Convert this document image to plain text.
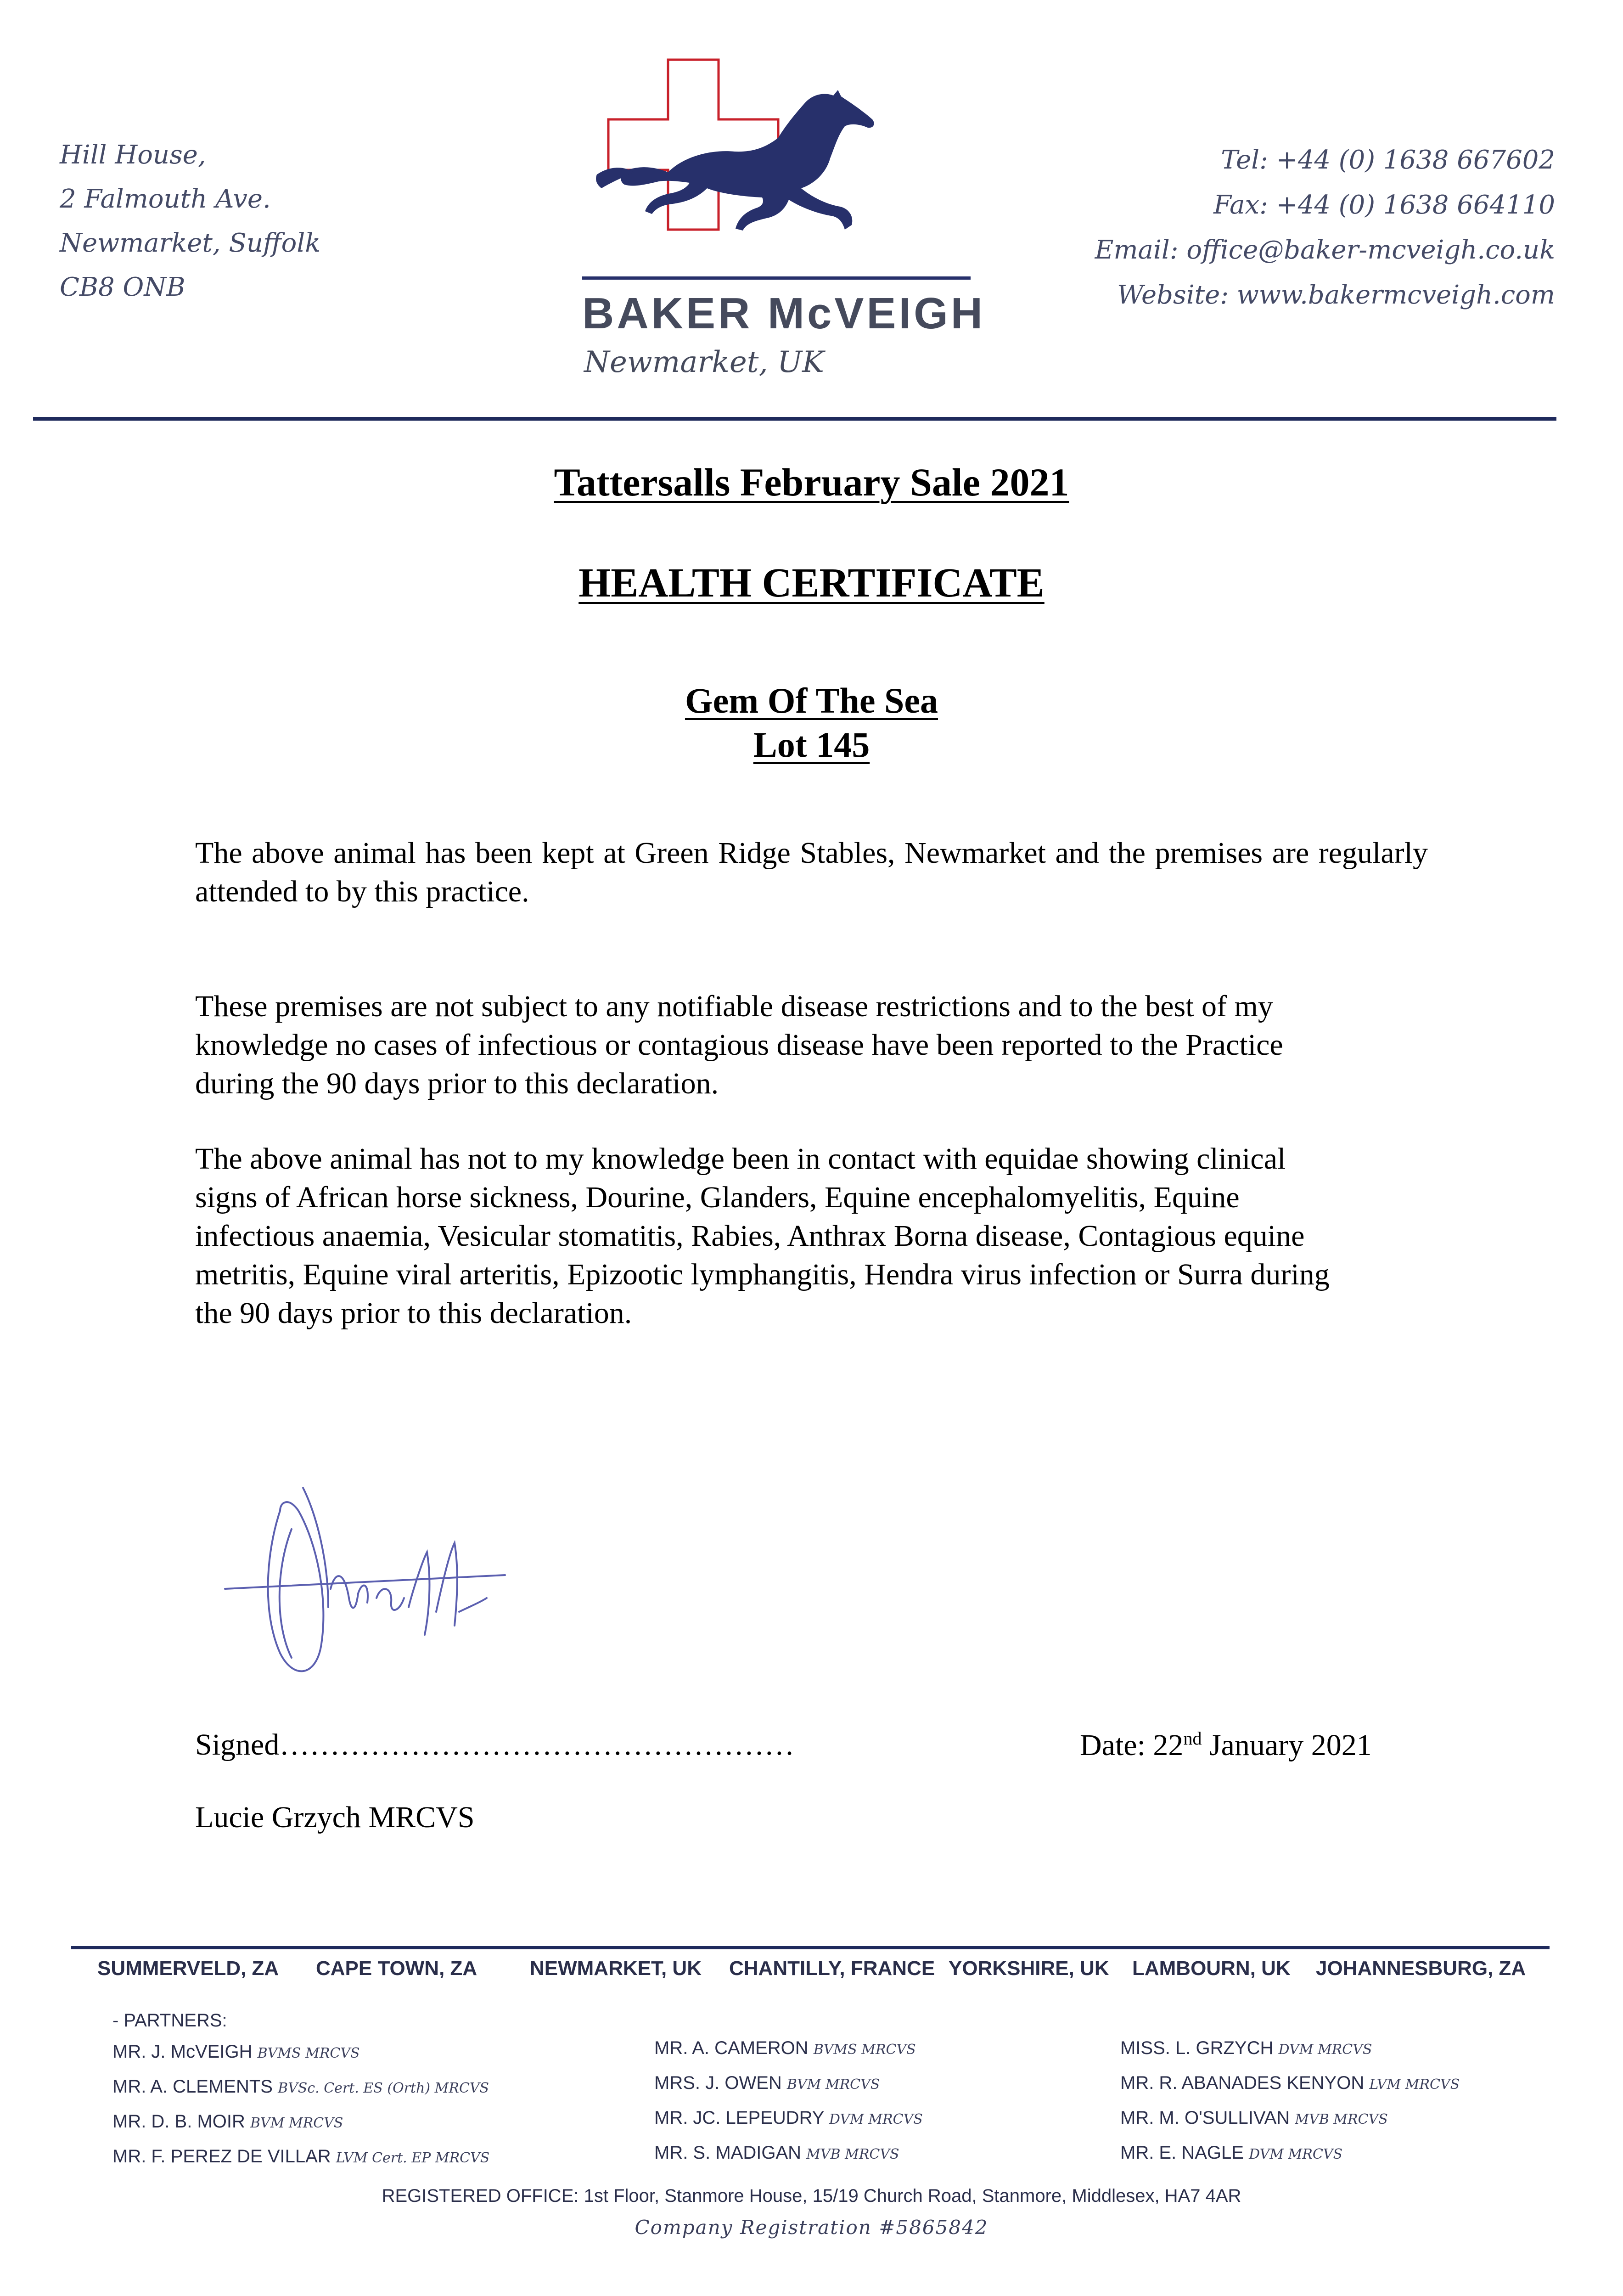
Hill House,
2 Falmouth Ave.
Newmarket, Suffolk
CB8 ONB
BAKER McVEIGH
Newmarket, UK
Tel: +44 (0) 1638 667602
Fax: +44 (0) 1638 664110
Email: office@baker-mcveigh.co.uk
Website: www.bakermcveigh.com
Tattersalls February Sale 2021
HEALTH CERTIFICATE
Gem Of The Sea
Lot 145
The above animal has been kept at Green Ridge Stables, Newmarket and the premises are regularly attended to by this practice.
These premises are not subject to any notifiable disease restrictions and to the best of my
knowledge no cases of infectious or contagious disease have been reported to the Practice
during the 90 days prior to this declaration.
The above animal has not to my knowledge been in contact with equidae showing clinical
signs of African horse sickness, Dourine, Glanders, Equine encephalomyelitis, Equine
infectious anaemia, Vesicular stomatitis, Rabies, Anthrax Borna disease, Contagious equine
metritis, Equine viral arteritis, Epizootic lymphangitis, Hendra virus infection or Surra during
the 90 days prior to this declaration.
Signed……………………………………………	Date: 22nd January 2021
Lucie Grzych MRCVS
SUMMERVELD, ZA CAPE TOWN, ZA	NEWMARKET, UK CHANTILLY, FRANCE YORKSHIRE, UK LAMBOURN, UK JOHANNESBURG, ZA
- PARTNERS:
MR. J. McVEIGH BVMS MRCVS
MR. A. CLEMENTS BVSc. Cert. ES (Orth) MRCVS
MR. D. B. MOIR BVM MRCVS
MR. F. PEREZ DE VILLAR LVM Cert. EP MRCVS
MR. A. CAMERON BVMS MRCVS
MRS. J. OWEN BVM MRCVS
MR. JC. LEPEUDRY DVM MRCVS
MR. S. MADIGAN MVB MRCVS
MISS. L. GRZYCH DVM MRCVS
MR. R. ABANADES KENYON LVM MRCVS
MR. M. O'SULLIVAN MVB MRCVS
MR. E. NAGLE DVM MRCVS
REGISTERED OFFICE: 1st Floor, Stanmore House, 15/19 Church Road, Stanmore, Middlesex, HA7 4AR
Company Registration #5865842
